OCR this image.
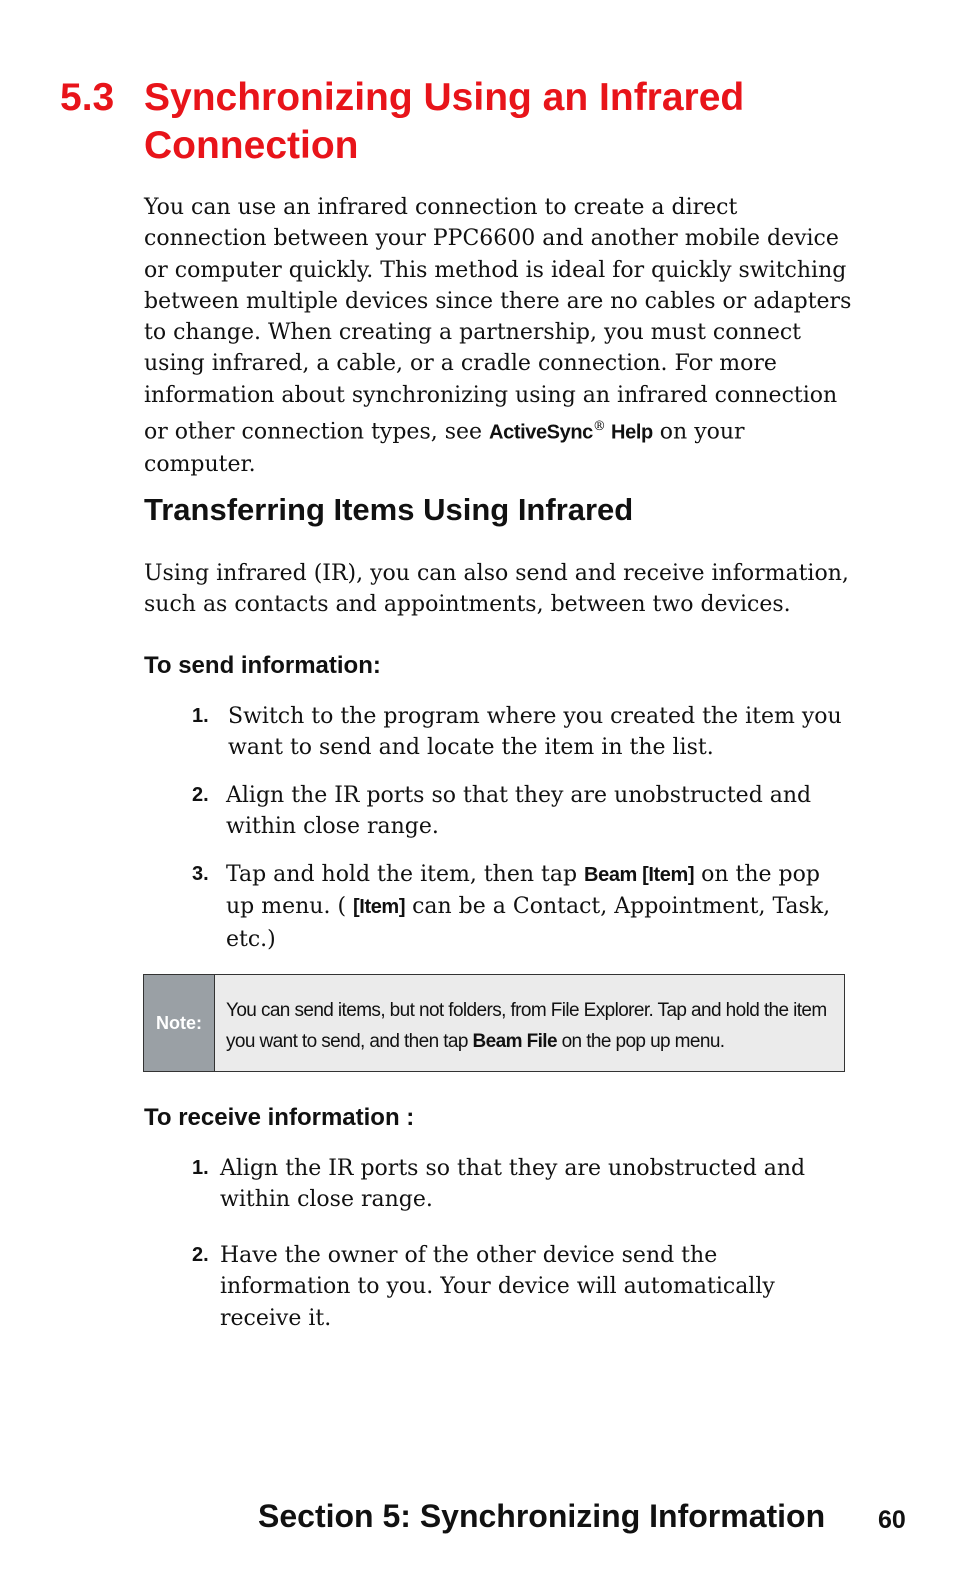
5.3 Synchronizing Using an Infrared Connection
You can use an infrared connection to create a direct connection between your PPC6600 and another mobile device or computer quickly. This method is ideal for quickly switching between multiple devices since there are no cables or adapters to change. When creating a partnership, you must connect using infrared, a cable, or a cradle connection. For more information about synchronizing using an infrared connection or other connection types, see ActiveSync® Help on your computer.
Transferring Items Using Infrared
Using infrared (IR), you can also send and receive information, such as contacts and appointments, between two devices.
To send information:
1. Switch to the program where you created the item you want to send and locate the item in the list.
2. Align the IR ports so that they are unobstructed and within close range.
3. Tap and hold the item, then tap Beam [Item] on the pop up menu. ( [Item] can be a Contact, Appointment, Task, etc.)
Note:
You can send items, but not folders, from File Explorer. Tap and hold the item you want to send, and then tap Beam File on the pop up menu.
To receive information :
1. Align the IR ports so that they are unobstructed and within close range.
2. Have the owner of the other device send the information to you. Your device will automatically receive it.
Section 5: Synchronizing Information 60
